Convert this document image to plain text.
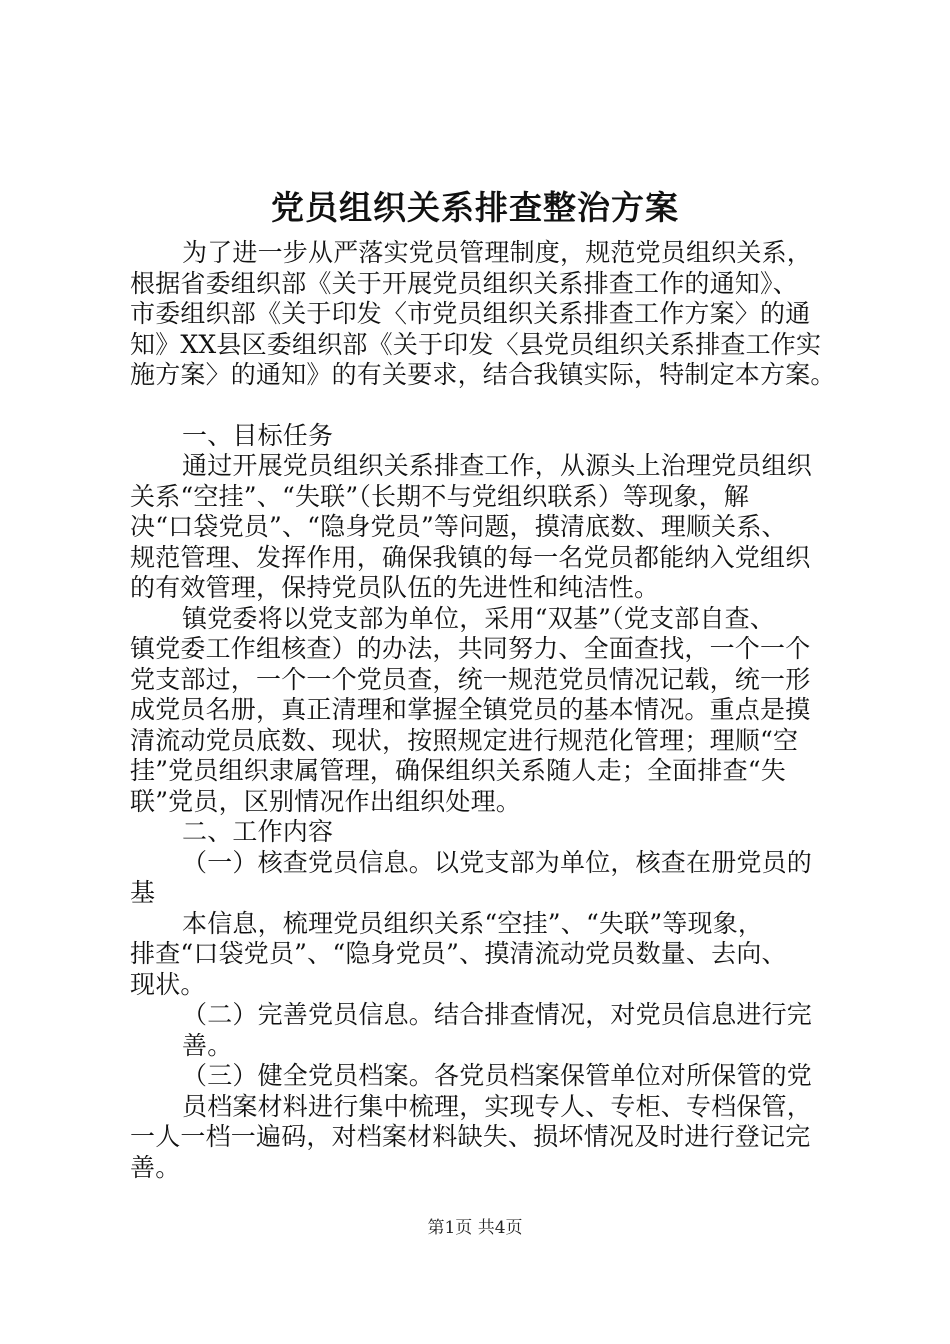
党员组织关系排查整治方案
为了进一步从严落实党员管理制度，规范党员组织关系，
根据省委组织部《关于开展党员组织关系排查工作的通知》、
市委组织部《关于印发〈市党员组织关系排查工作方案〉的通
知》XX县区委组织部《关于印发〈县党员组织关系排查工作实
施方案〉的通知》的有关要求，结合我镇实际，特制定本方案。
一、目标任务
通过开展党员组织关系排查工作，从源头上治理党员组织
关系“空挂”、“失联”（长期不与党组织联系）等现象，解
决“口袋党员”、“隐身党员”等问题，摸清底数、理顺关系、
规范管理、发挥作用，确保我镇的每一名党员都能纳入党组织
的有效管理，保持党员队伍的先进性和纯洁性。
镇党委将以党支部为单位，采用“双基”（党支部自查、
镇党委工作组核查）的办法，共同努力、全面查找，一个一个
党支部过，一个一个党员查，统一规范党员情况记载，统一形
成党员名册，真正清理和掌握全镇党员的基本情况。重点是摸
清流动党员底数、现状，按照规定进行规范化管理；理顺“空
挂”党员组织隶属管理，确保组织关系随人走；全面排查“失
联”党员，区别情况作出组织处理。
二、工作内容
（一）核查党员信息。以党支部为单位，核查在册党员的
基
本信息，梳理党员组织关系“空挂”、“失联”等现象，
排查“口袋党员”、“隐身党员”、摸清流动党员数量、去向、
现状。
（二）完善党员信息。结合排查情况，对党员信息进行完
善。
（三）健全党员档案。各党员档案保管单位对所保管的党
员档案材料进行集中梳理，实现专人、专柜、专档保管，
一人一档一遍码，对档案材料缺失、损坏情况及时进行登记完
善。
第1页 共4页
